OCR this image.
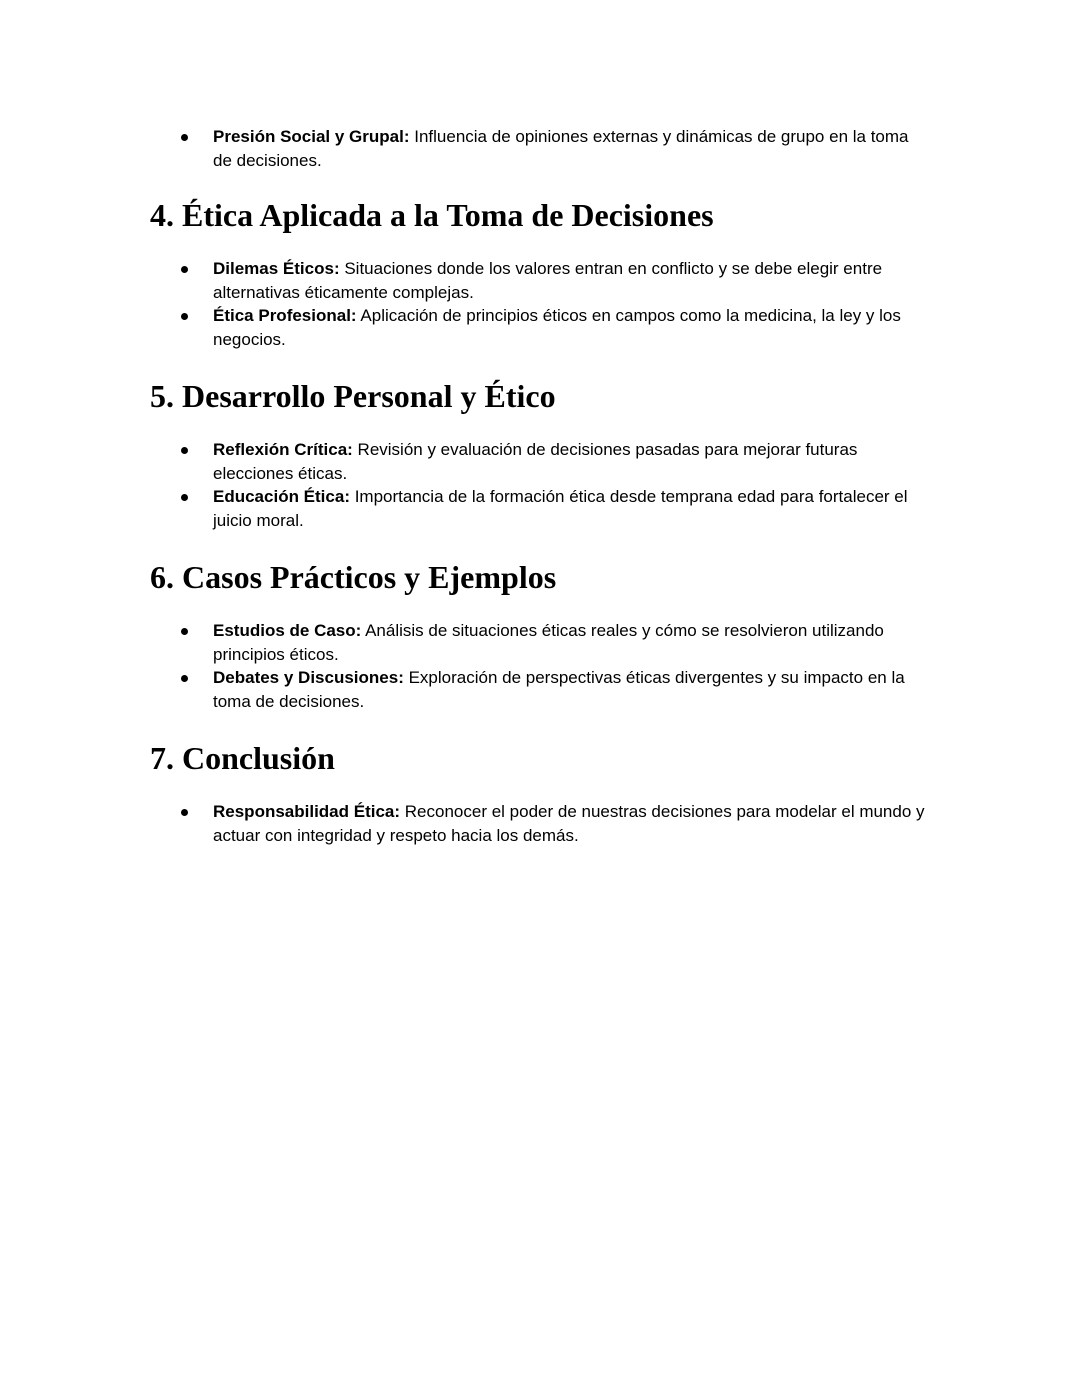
Presión Social y Grupal: Influencia de opiniones externas y dinámicas de grupo en la toma de decisiones.
4. Ética Aplicada a la Toma de Decisiones
Dilemas Éticos: Situaciones donde los valores entran en conflicto y se debe elegir entre alternativas éticamente complejas.
Ética Profesional: Aplicación de principios éticos en campos como la medicina, la ley y los negocios.
5. Desarrollo Personal y Ético
Reflexión Crítica: Revisión y evaluación de decisiones pasadas para mejorar futuras elecciones éticas.
Educación Ética: Importancia de la formación ética desde temprana edad para fortalecer el juicio moral.
6. Casos Prácticos y Ejemplos
Estudios de Caso: Análisis de situaciones éticas reales y cómo se resolvieron utilizando principios éticos.
Debates y Discusiones: Exploración de perspectivas éticas divergentes y su impacto en la toma de decisiones.
7. Conclusión
Responsabilidad Ética: Reconocer el poder de nuestras decisiones para modelar el mundo y actuar con integridad y respeto hacia los demás.
